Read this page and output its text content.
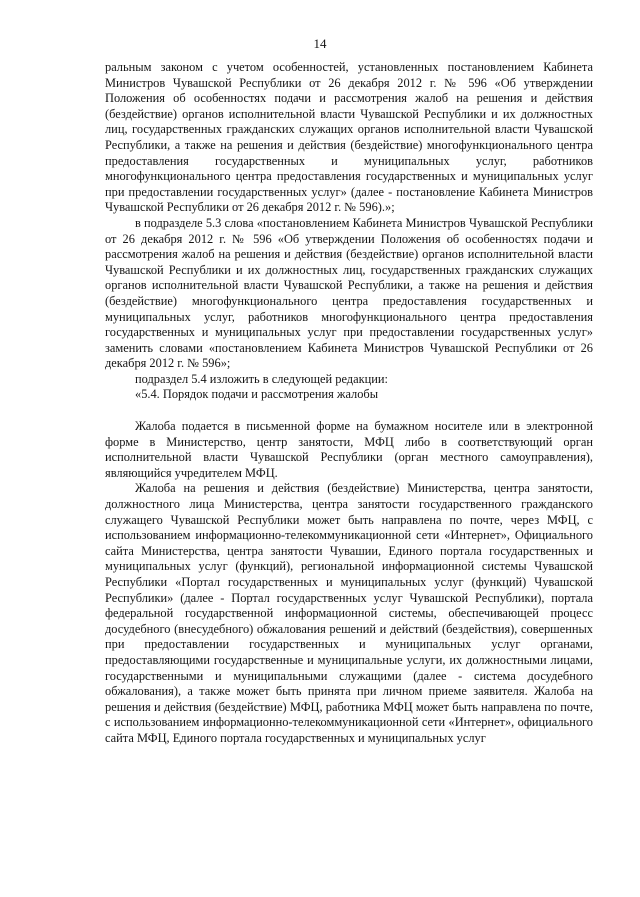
14

ральным законом с учетом особенностей, установленных постановлением Кабинета Министров Чувашской Республики от 26 декабря 2012 г. № 596 «Об утверждении Положения об особенностях подачи и рассмотрения жалоб на решения и действия (бездействие) органов исполнительной власти Чувашской Республики и их должностных лиц, государственных гражданских служащих органов исполнительной власти Чувашской Республики, а также на решения и действия (бездействие) многофункционального центра предоставления государственных и муниципальных услуг, работников многофункционального центра предоставления государственных и муниципальных услуг при предоставлении государственных услуг» (далее - постановление Кабинета Министров Чувашской Республики от 26 декабря 2012 г. № 596).»;

в подразделе 5.3 слова «постановлением Кабинета Министров Чувашской Республики от 26 декабря 2012 г. № 596 «Об утверждении Положения об особенностях подачи и рассмотрения жалоб на решения и действия (бездействие) органов исполнительной власти Чувашской Республики и их должностных лиц, государственных гражданских служащих органов исполнительной власти Чувашской Республики, а также на решения и действия (бездействие) многофункционального центра предоставления государственных и муниципальных услуг, работников многофункционального центра предоставления государственных и муниципальных услуг при предоставлении государственных услуг» заменить словами «постановлением Кабинета Министров Чувашской Республики от 26 декабря 2012 г. № 596»;

подраздел 5.4 изложить в следующей редакции:

«5.4. Порядок подачи и рассмотрения жалобы

Жалоба подается в письменной форме на бумажном носителе или в электронной форме в Министерство, центр занятости, МФЦ либо в соответствующий орган исполнительной власти Чувашской Республики (орган местного самоуправления), являющийся учредителем МФЦ.

Жалоба на решения и действия (бездействие) Министерства, центра занятости, должностного лица Министерства, центра занятости государственного гражданского служащего Чувашской Республики может быть направлена по почте, через МФЦ, с использованием информационно-телекоммуникационной сети «Интернет», Официального сайта Министерства, центра занятости Чувашии, Единого портала государственных и муниципальных услуг (функций), региональной информационной системы Чувашской Республики «Портал государственных и муниципальных услуг (функций) Чувашской Республики» (далее - Портал государственных услуг Чувашской Республики), портала федеральной государственной информационной системы, обеспечивающей процесс досудебного (внесудебного) обжалования решений и действий (бездействия), совершенных при предоставлении государственных и муниципальных услуг органами, предоставляющими государственные и муниципальные услуги, их должностными лицами, государственными и муниципальными служащими (далее - система досудебного обжалования), а также может быть принята при личном приеме заявителя. Жалоба на решения и действия (бездействие) МФЦ, работника МФЦ может быть направлена по почте, с использованием информационно-телекоммуникационной сети «Интернет», официального сайта МФЦ, Единого портала государственных и муниципальных услуг
